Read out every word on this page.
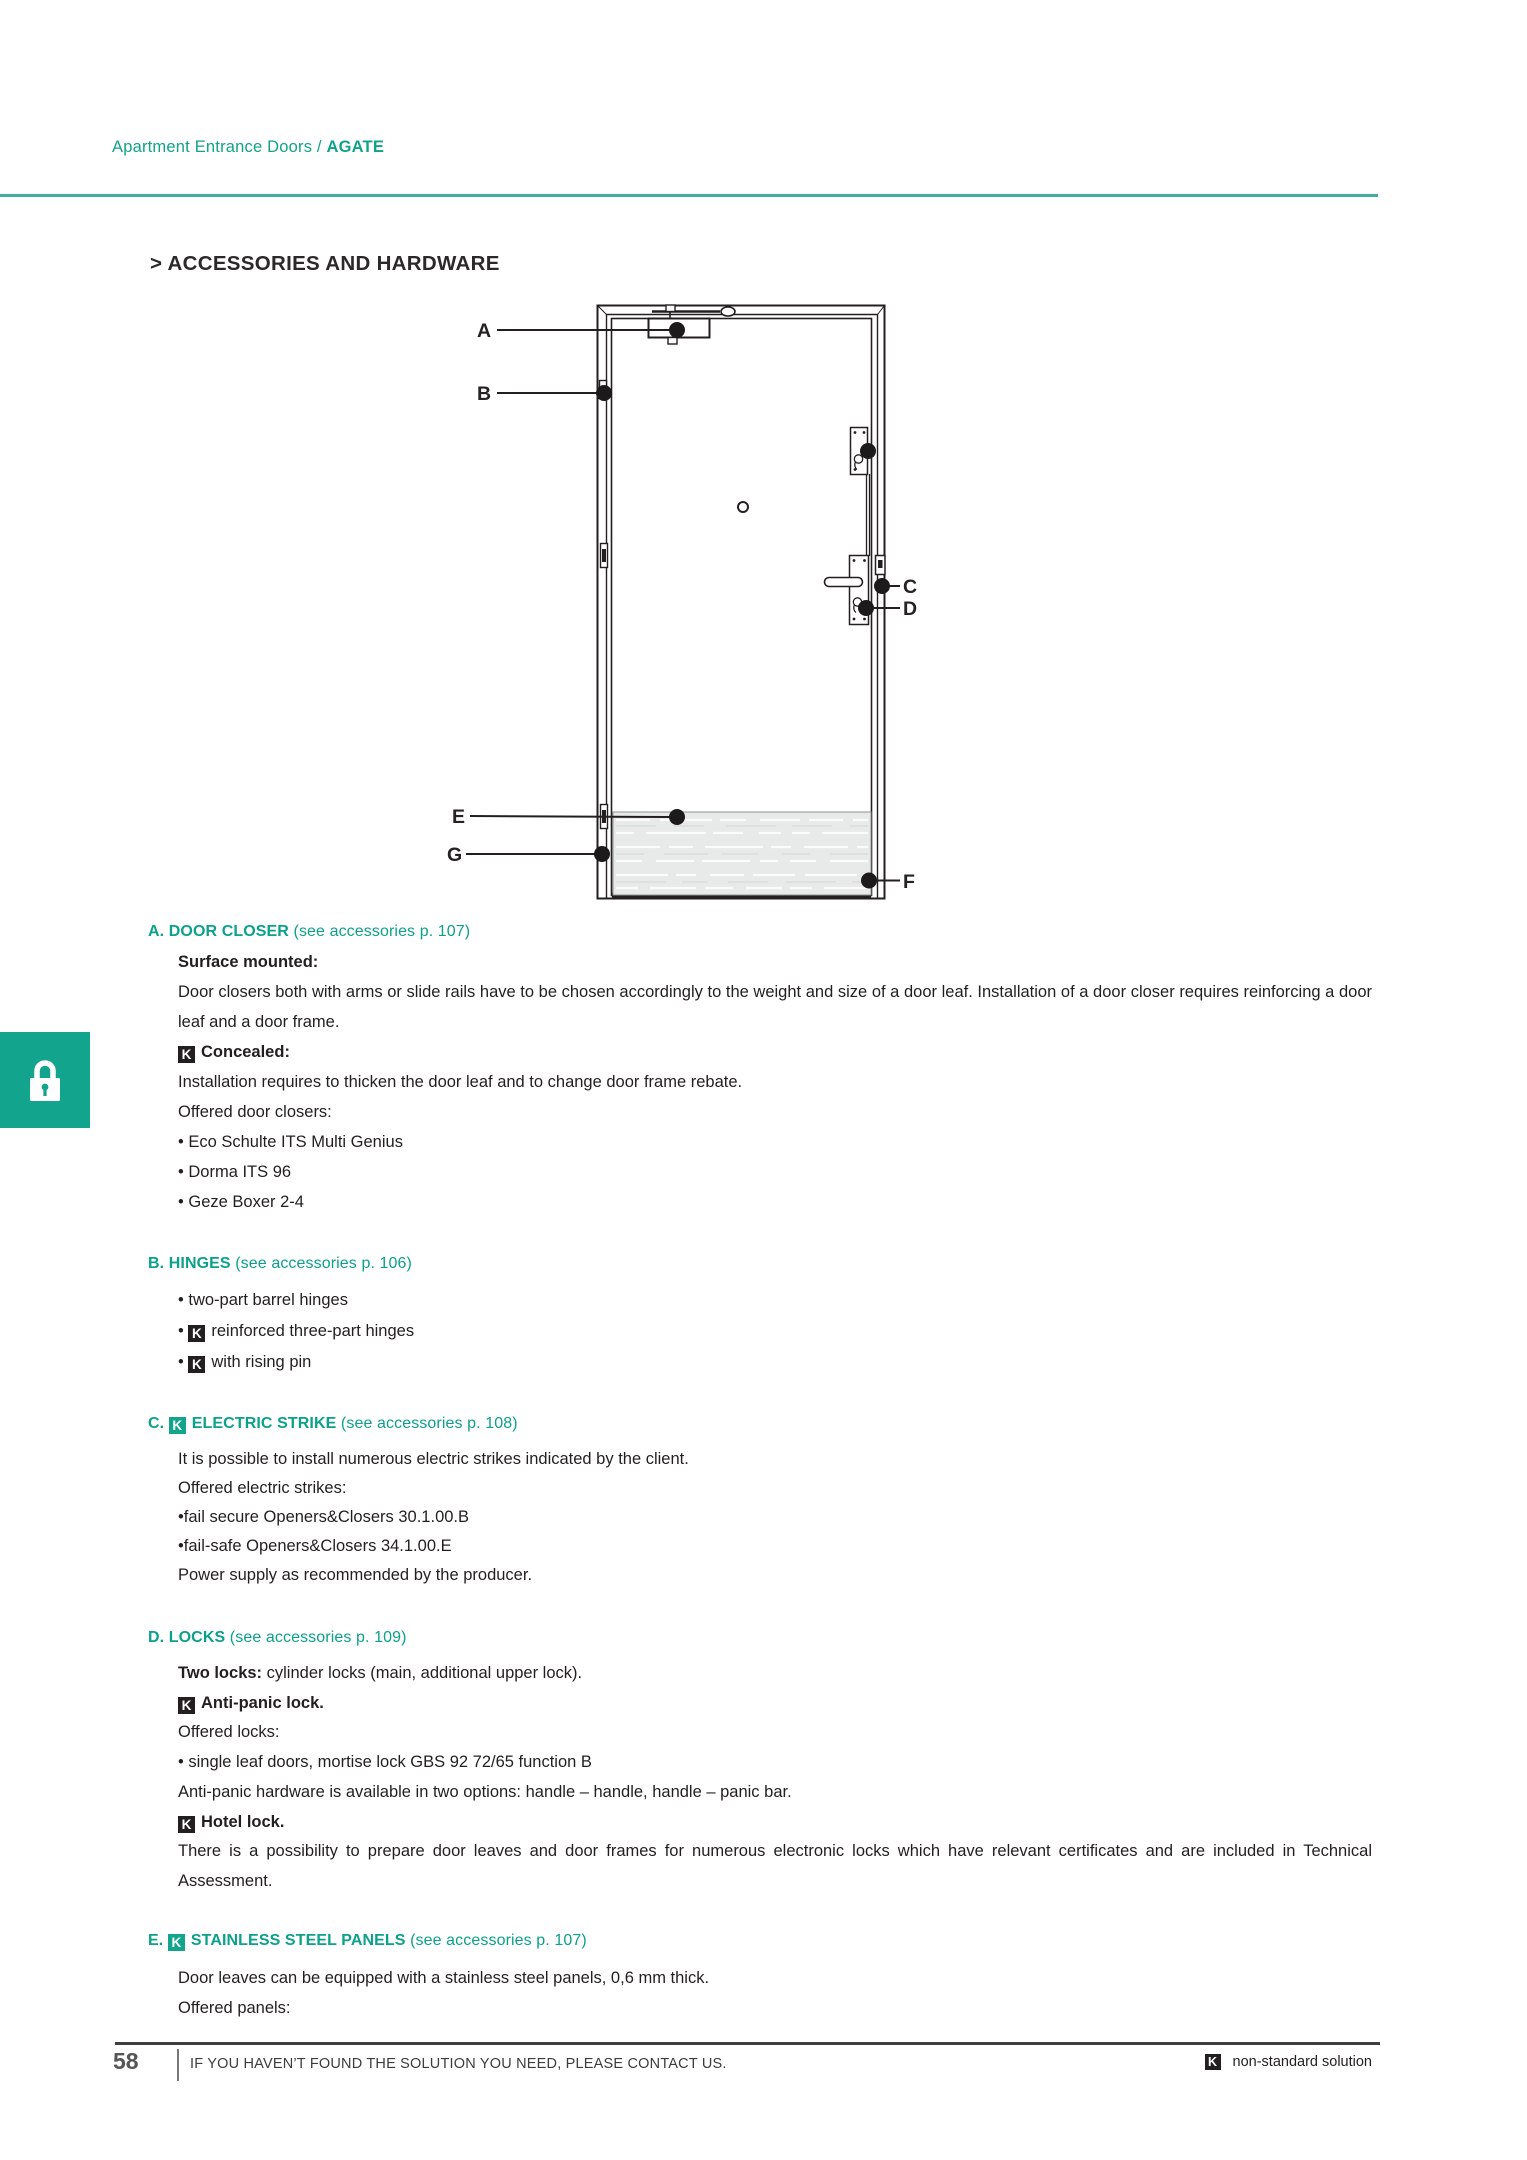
Apartment Entrance Doors / AGATE
> ACCESSORIES AND HARDWARE
A
B
C
D
E
G
F
A. DOOR CLOSER (see accessories p. 107)
Surface mounted:
Door closers both with arms or slide rails have to be chosen accordingly to the weight and size of a door leaf. Installation of a door closer requires reinforcing a door leaf and a door frame.
K Concealed:
Installation requires to thicken the door leaf and to change door frame rebate.
Offered door closers:
• Eco Schulte ITS Multi Genius
• Dorma ITS 96
• Geze Boxer 2-4
B. HINGES (see accessories p. 106)
• two-part barrel hinges
• K reinforced three-part hinges
• K with rising pin
C. K ELECTRIC STRIKE (see accessories p. 108)
It is possible to install numerous electric strikes indicated by the client.
Offered electric strikes:
•fail secure Openers&Closers 30.1.00.B
•fail-safe Openers&Closers 34.1.00.E
Power supply as recommended by the producer.
D. LOCKS (see accessories p. 109)
Two locks: cylinder locks (main, additional upper lock).
K Anti-panic lock.
Offered locks:
• single leaf doors, mortise lock GBS 92 72/65 function B
Anti-panic hardware is available in two options: handle – handle, handle – panic bar.
K Hotel lock.
There is a possibility to prepare door leaves and door frames for numerous electronic locks which have relevant certificates and are included in Technical Assessment.
E. K STAINLESS STEEL PANELS (see accessories p. 107)
Door leaves can be equipped with a stainless steel panels, 0,6 mm thick.
Offered panels:
58	IF YOU HAVEN’T FOUND THE SOLUTION YOU NEED, PLEASE CONTACT US.	K non-standard solution
